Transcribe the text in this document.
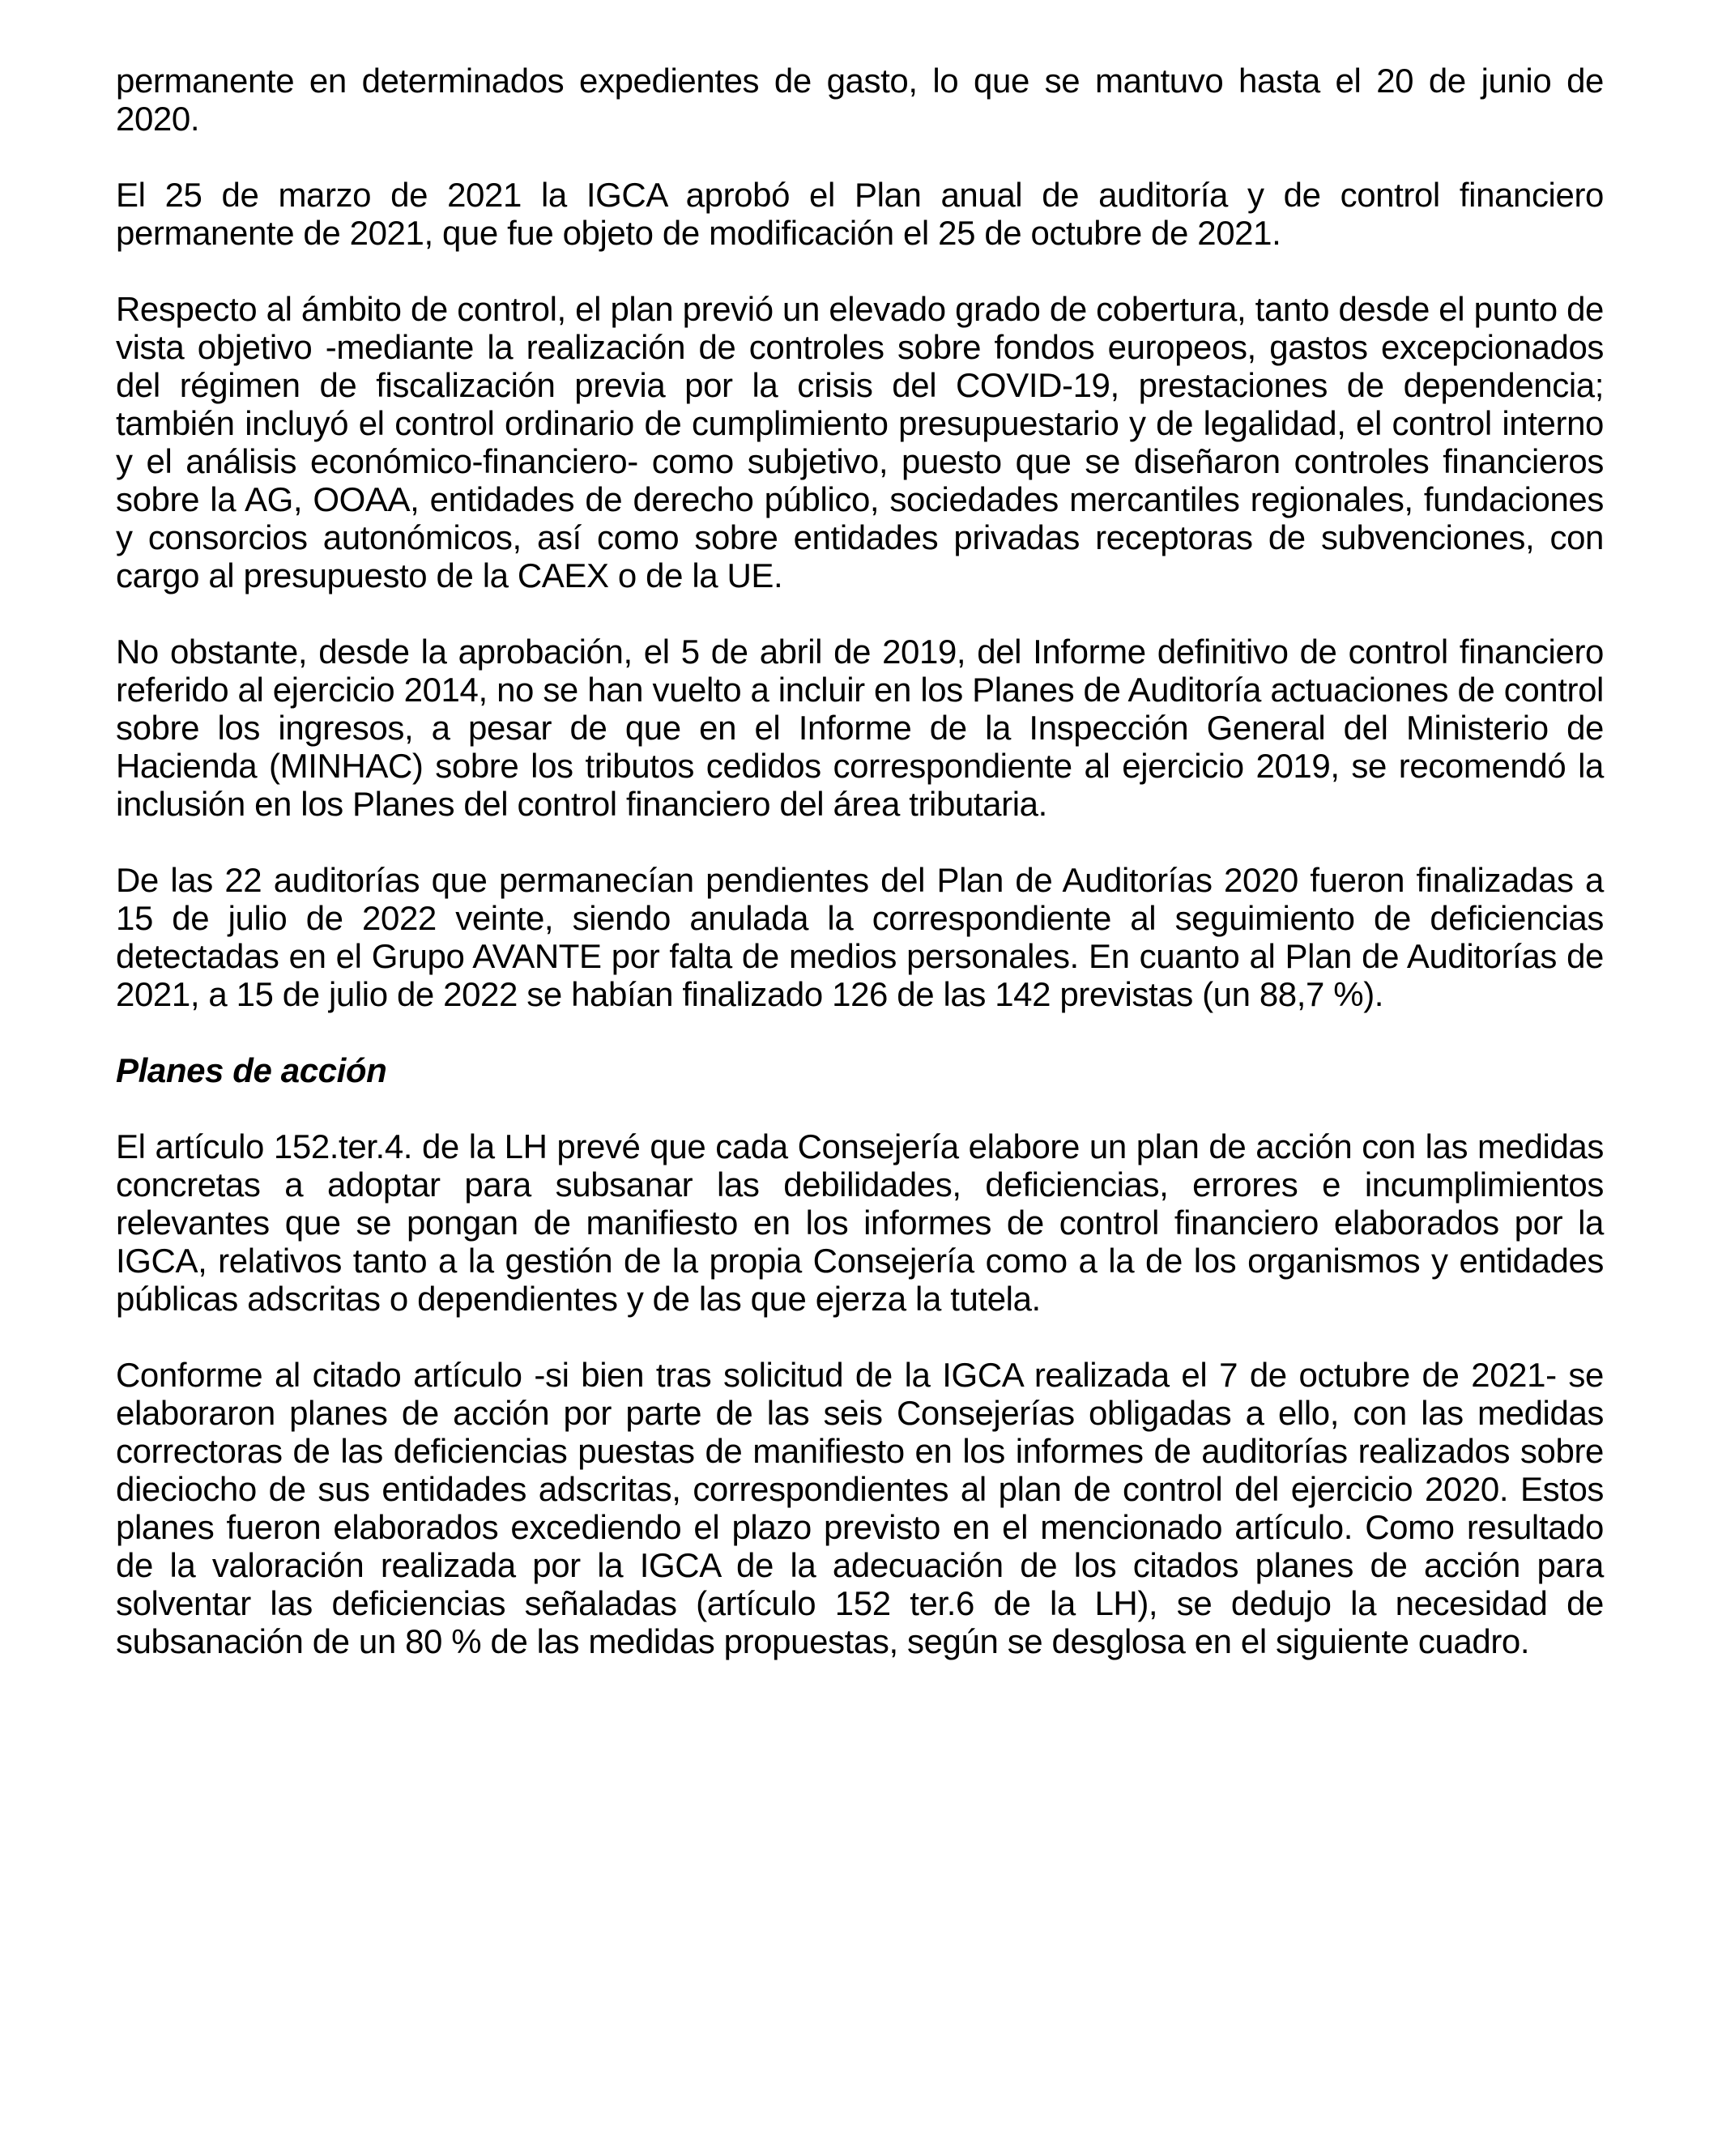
permanente en determinados expedientes de gasto, lo que se mantuvo hasta el 20 de junio de 2020.

El 25 de marzo de 2021 la IGCA aprobó el Plan anual de auditoría y de control financiero permanente de 2021, que fue objeto de modificación el 25 de octubre de 2021.

Respecto al ámbito de control, el plan previó un elevado grado de cobertura, tanto desde el punto de vista objetivo -mediante la realización de controles sobre fondos europeos, gastos excepcionados del régimen de fiscalización previa por la crisis del COVID-19, prestaciones de dependencia; también incluyó el control ordinario de cumplimiento presupuestario y de legalidad, el control interno y el análisis económico-financiero- como subjetivo, puesto que se diseñaron controles financieros sobre la AG, OOAA, entidades de derecho público, sociedades mercantiles regionales, fundaciones y consorcios autonómicos, así como sobre entidades privadas receptoras de subvenciones, con cargo al presupuesto de la CAEX o de la UE.

No obstante, desde la aprobación, el 5 de abril de 2019, del Informe definitivo de control financiero referido al ejercicio 2014, no se han vuelto a incluir en los Planes de Auditoría actuaciones de control sobre los ingresos, a pesar de que en el Informe de la Inspección General del Ministerio de Hacienda (MINHAC) sobre los tributos cedidos correspondiente al ejercicio 2019, se recomendó la inclusión en los Planes del control financiero del área tributaria.

De las 22 auditorías que permanecían pendientes del Plan de Auditorías 2020 fueron finalizadas a 15 de julio de 2022 veinte, siendo anulada la correspondiente al seguimiento de deficiencias detectadas en el Grupo AVANTE por falta de medios personales. En cuanto al Plan de Auditorías de 2021, a 15 de julio de 2022 se habían finalizado 126 de las 142 previstas (un 88,7 %).

Planes de acción

El artículo 152.ter.4. de la LH prevé que cada Consejería elabore un plan de acción con las medidas concretas a adoptar para subsanar las debilidades, deficiencias, errores e incumplimientos relevantes que se pongan de manifiesto en los informes de control financiero elaborados por la IGCA, relativos tanto a la gestión de la propia Consejería como a la de los organismos y entidades públicas adscritas o dependientes y de las que ejerza la tutela.

Conforme al citado artículo -si bien tras solicitud de la IGCA realizada el 7 de octubre de 2021- se elaboraron planes de acción por parte de las seis Consejerías obligadas a ello, con las medidas correctoras de las deficiencias puestas de manifiesto en los informes de auditorías realizados sobre dieciocho de sus entidades adscritas, correspondientes al plan de control del ejercicio 2020. Estos planes fueron elaborados excediendo el plazo previsto en el mencionado artículo. Como resultado de la valoración realizada por la IGCA de la adecuación de los citados planes de acción para solventar las deficiencias señaladas (artículo 152 ter.6 de la LH), se dedujo la necesidad de subsanación de un 80 % de las medidas propuestas, según se desglosa en el siguiente cuadro.
